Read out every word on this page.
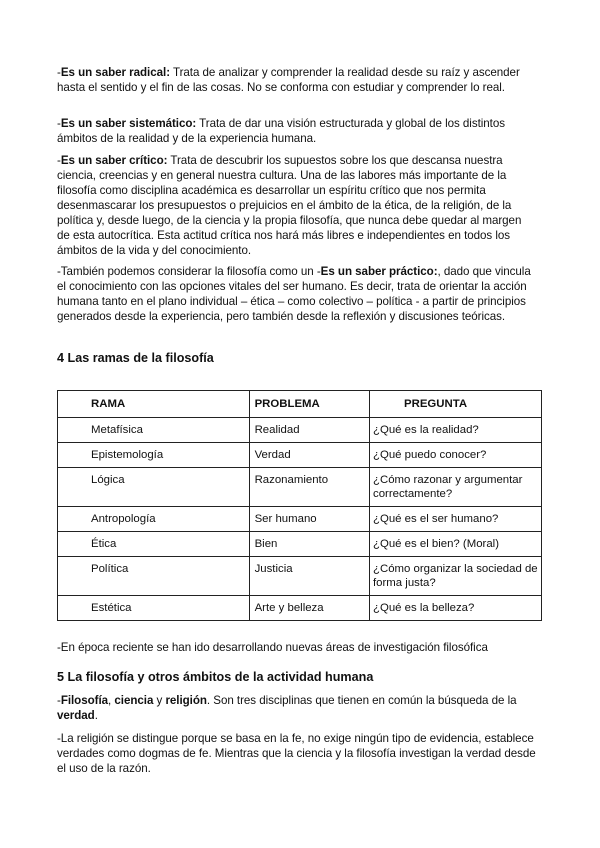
-Es un saber radical: Trata de analizar y comprender la realidad desde su raíz y ascender hasta el sentido y el fin de las cosas. No se conforma con estudiar y comprender lo real.

-Es un saber sistemático: Trata de dar una visión estructurada y global de los distintos ámbitos de la realidad y de la experiencia humana.

-Es un saber crítico: Trata de descubrir los supuestos sobre los que descansa nuestra ciencia, creencias y en general nuestra cultura. Una de las labores más importante de la filosofía como disciplina académica es desarrollar un espíritu crítico que nos permita desenmascarar los presupuestos o prejuicios en el ámbito de la ética, de la religión, de la política y, desde luego, de la ciencia y la propia filosofía, que nunca debe quedar al margen de esta autocrítica. Esta actitud crítica nos hará más libres e independientes en todos los ámbitos de la vida y del conocimiento.

-También podemos considerar la filosofía como un -Es un saber práctico:, dado que vincula el conocimiento con las opciones vitales del ser humano. Es decir, trata de orientar la acción humana tanto en el plano individual – ética – como colectivo – política - a partir de principios generados desde la experiencia, pero también desde la reflexión y discusiones teóricas.

4 Las ramas de la filosofía
RAMA	PROBLEMA	PREGUNTA
Metafísica	Realidad	¿Qué es la realidad?
Epistemología	Verdad	¿Qué puedo conocer?
Lógica	Razonamiento	¿Cómo razonar y argumentar correctamente?
Antropología	Ser humano	¿Qué es el ser humano?
Ética	Bien	¿Qué es el bien? (Moral)
Política	Justicia	¿Cómo organizar la sociedad de forma justa?
Estética	Arte y belleza	¿Qué es la belleza?

-En época reciente se han ido desarrollando nuevas áreas de investigación filosófica

5 La filosofía y otros ámbitos de la actividad humana

-Filosofía, ciencia y religión. Son tres disciplinas que tienen en común la búsqueda de la verdad.

-La religión se distingue porque se basa en la fe, no exige ningún tipo de evidencia, establece verdades como dogmas de fe. Mientras que la ciencia y la filosofía investigan la verdad desde el uso de la razón.
